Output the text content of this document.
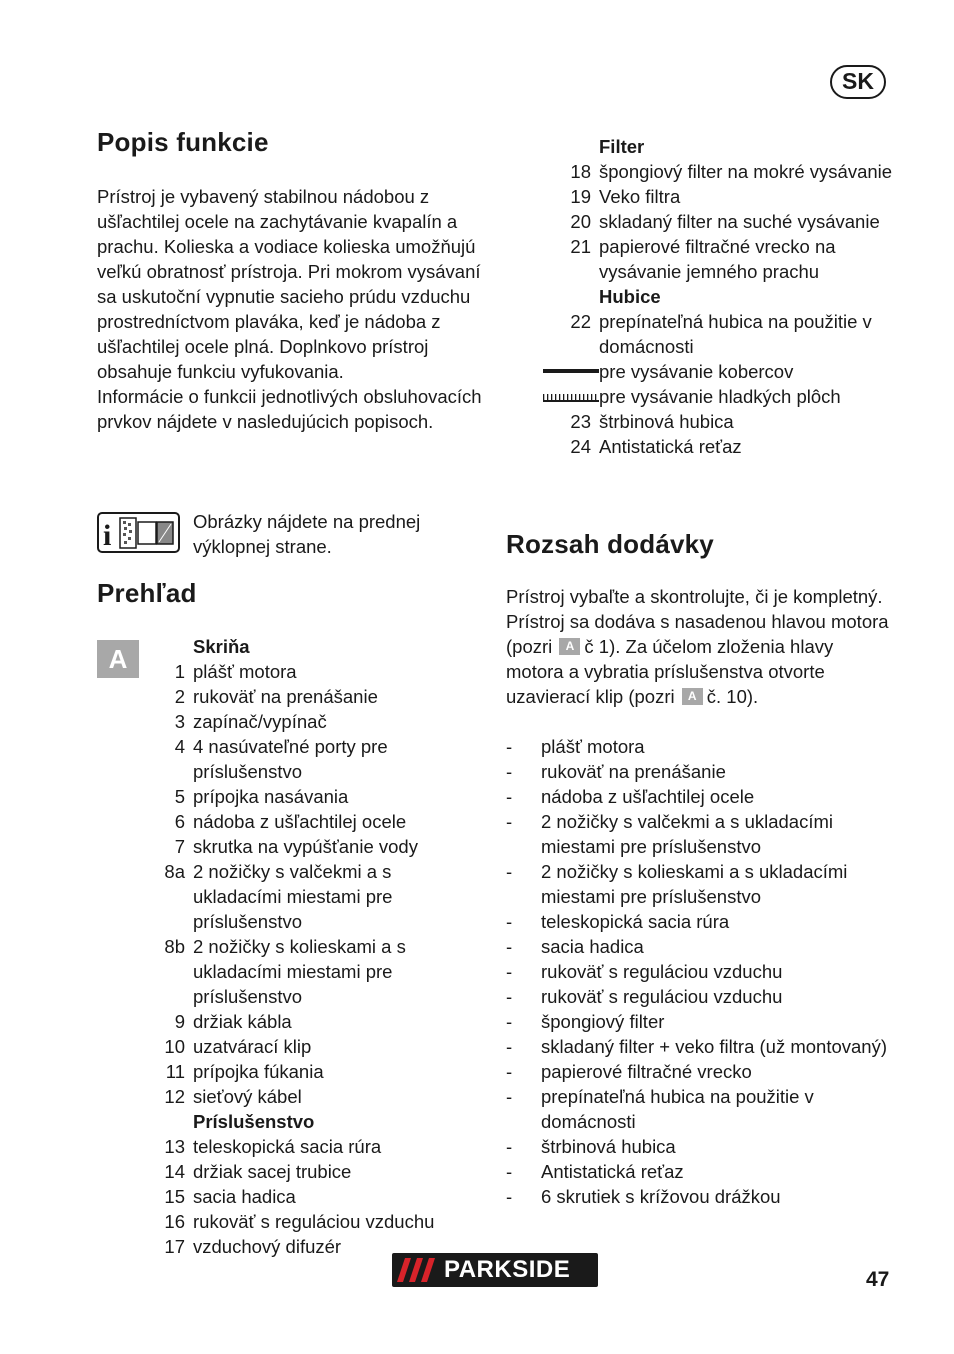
SK
Popis funkcie

Prístroj je vybavený stabilnou nádobou z ušľachtilej ocele na zachytávanie kvapalín a prachu. Kolieska a vodiace kolieska umožňujú veľkú obratnosť prístroja. Pri mokrom vysávaní sa uskutoční vypnutie sacieho prúdu vzduchu prostredníctvom plaváka, keď je nádoba z ušľachtilej ocele plná. Doplnkovo prístroj obsahuje funkciu vyfukovania.

Informácie o funkcii jednotlivých obsluhovacích prvkov nájdete v nasledujúcich popisoch.

i	Obrázky nájdete na prednej výklopnej strane.
Prehľad
A	Skriňa
1 plášť motora
2 rukoväť na prenášanie
3 zapínač/vypínač
4 4 nasúvateľné porty pre príslušenstvo
5 prípojka nasávania
6 nádoba z ušľachtilej ocele
7 skrutka na vypúšťanie vody
8a 2 nožičky s valčekmi a s ukladacími miestami pre príslušenstvo
8b 2 nožičky s kolieskami a s ukladacími miestami pre príslušenstvo
9 držiak kábla
10 uzatvárací klip
11 prípojka fúkania
12 sieťový kábel
Príslušenstvo
13 teleskopická sacia rúra
14 držiak sacej trubice
15 sacia hadica
16 rukoväť s reguláciou vzduchu
17 vzduchový difuzér
Filter
18 špongiový filter na mokré vysávanie
19 Veko filtra
20 skladaný filter na suché vysávanie
21 papierové filtračné vrecko na vysávanie jemného prachu
Hubice
22 prepínateľná hubica na použitie v domácnosti
pre vysávanie kobercov
pre vysávanie hladkých plôch
23 štrbinová hubica
24 Antistatická reťaz
Rozsah dodávky

Prístroj vybaľte a skontrolujte, či je kompletný.

Prístroj sa dodáva s nasadenou hlavou motora (pozri A č 1). Za účelom zloženia hlavy motora a vybratia príslušenstva otvorte uzavierací klip (pozri A č. 10).

-	plášť motora
-	rukoväť na prenášanie
-	nádoba z ušľachtilej ocele
-	2 nožičky s valčekmi a s ukladacími miestami pre príslušenstvo
-	2 nožičky s kolieskami a s ukladacími miestami pre príslušenstvo
-	teleskopická sacia rúra
-	sacia hadica
-	rukoväť s reguláciou vzduchu
-	rukoväť s reguláciou vzduchu
-	špongiový filter
-	skladaný filter + veko filtra (už montovaný)
-	papierové filtračné vrecko
-	prepínateľná hubica na použitie v domácnosti
-	štrbinová hubica
-	Antistatická reťaz
-	6 skrutiek s krížovou drážkou
PARKSIDE	47
